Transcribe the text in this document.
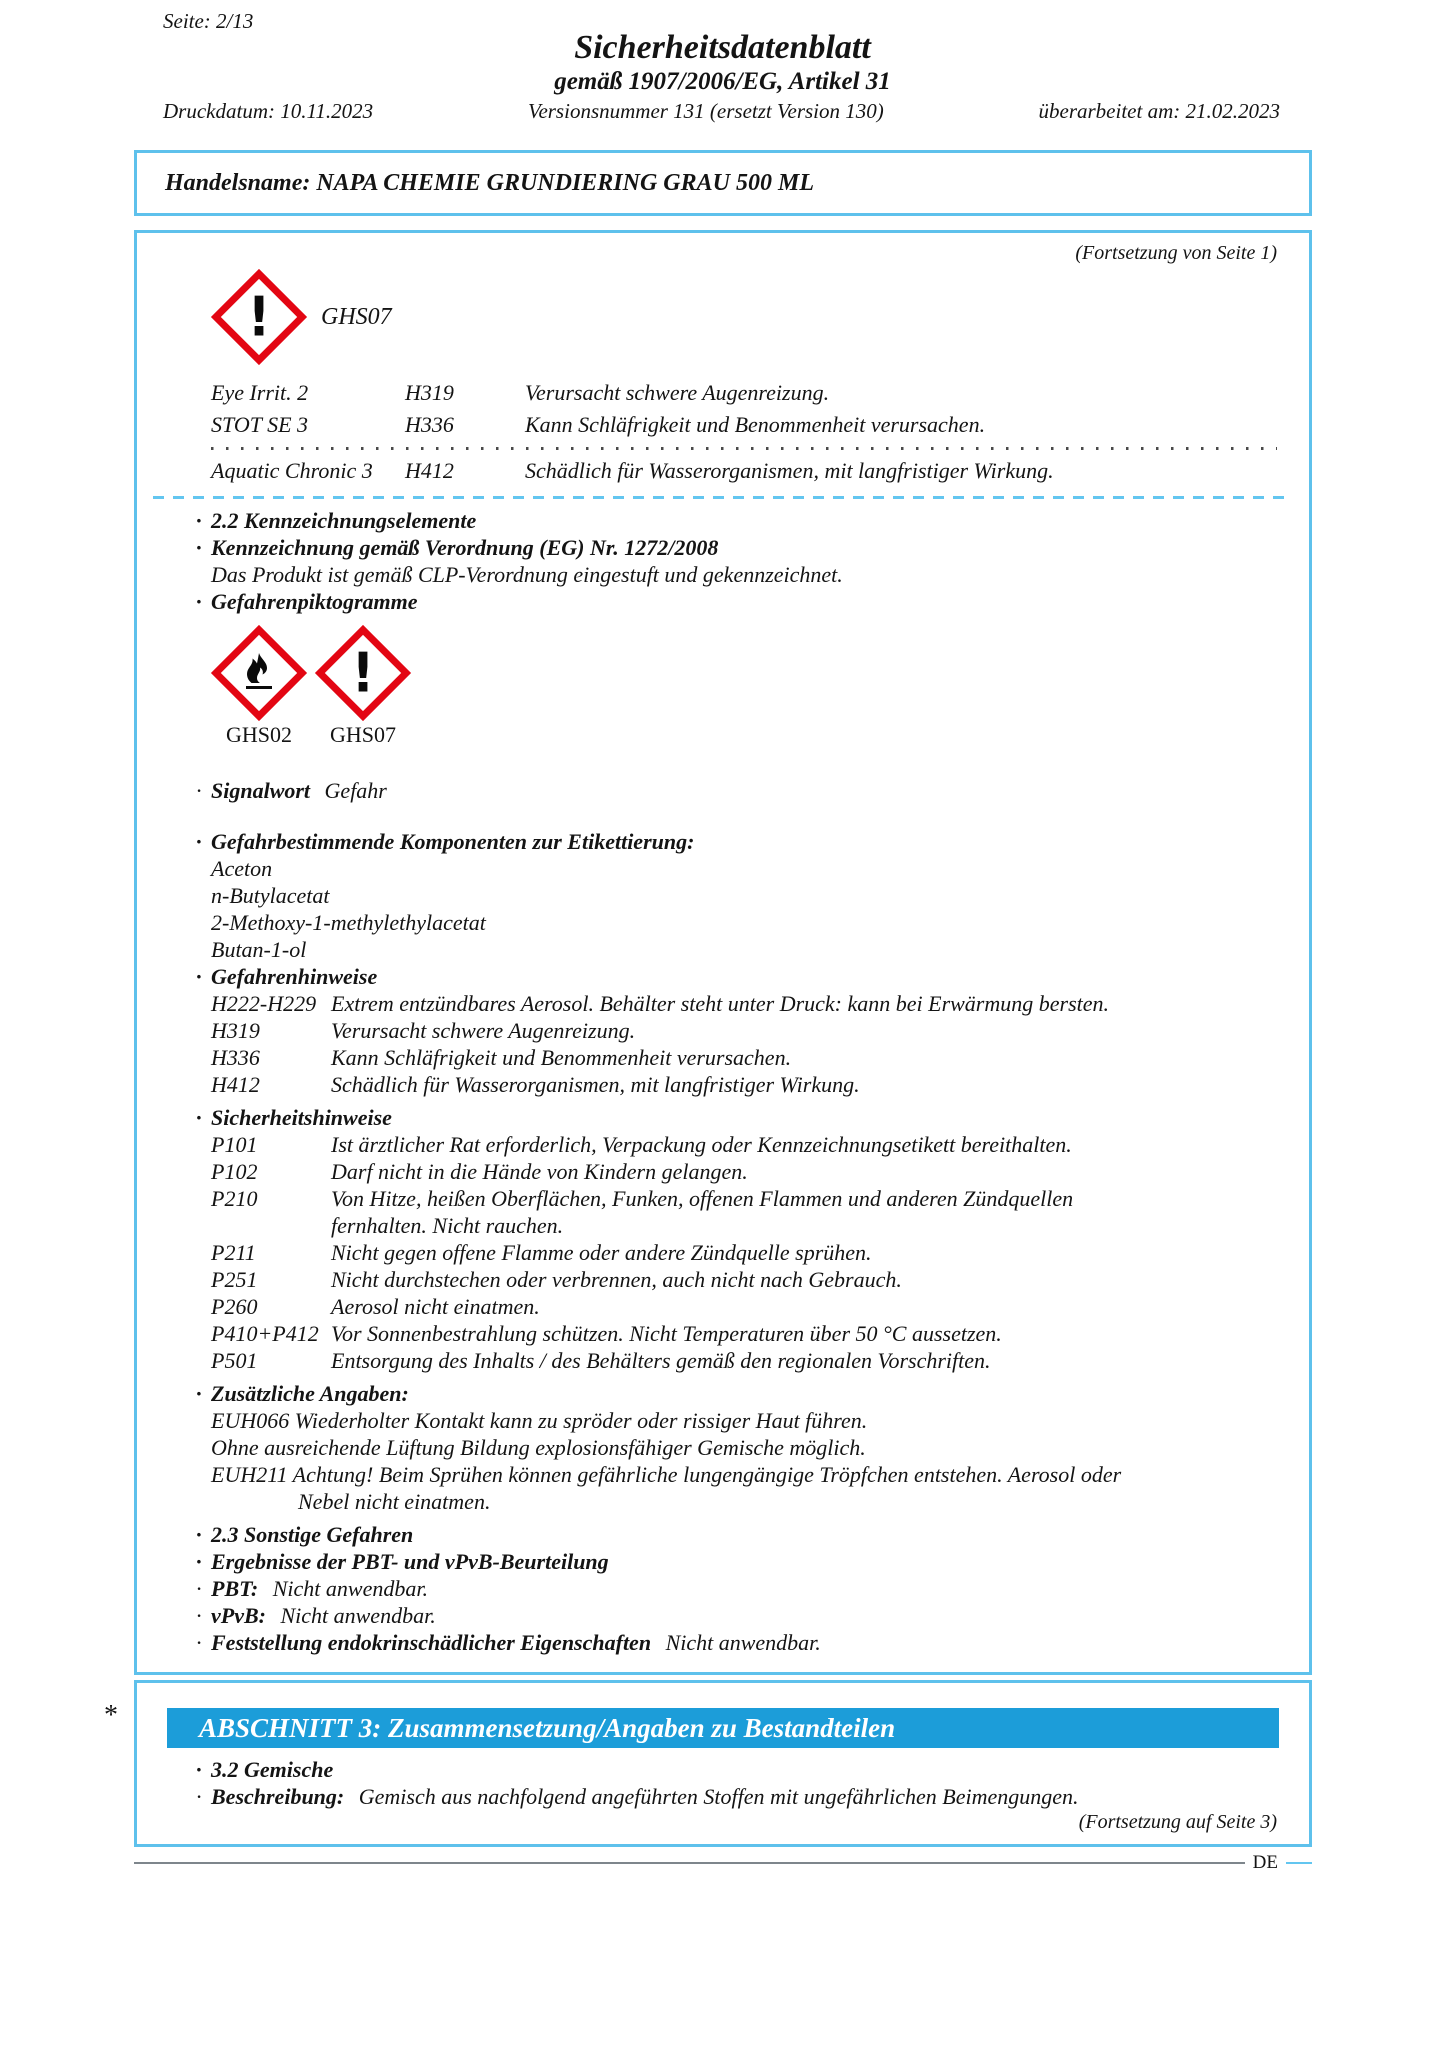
Seite: 2/13
Sicherheitsdatenblatt
gemäß 1907/2006/EG, Artikel 31
Druckdatum: 10.11.2023	Versionsnummer 131 (ersetzt Version 130)	überarbeitet am: 21.02.2023
Handelsname: NAPA CHEMIE GRUNDIERING GRAU 500 ML
(Fortsetzung von Seite 1)
! GHS07
Eye Irrit. 2	H319	Verursacht schwere Augenreizung.
STOT SE 3	H336	Kann Schläfrigkeit und Benommenheit verursachen.
Aquatic Chronic 3	H412	Schädlich für Wasserorganismen, mit langfristiger Wirkung.
· 2.2 Kennzeichnungselemente
· Kennzeichnung gemäß Verordnung (EG) Nr. 1272/2008
Das Produkt ist gemäß CLP-Verordnung eingestuft und gekennzeichnet.
· Gefahrenpiktogramme
GHS02
!
GHS07
· Signalwort Gefahr
· Gefahrbestimmende Komponenten zur Etikettierung:
Aceton
n-Butylacetat
2-Methoxy-1-methylethylacetat
Butan-1-ol
· Gefahrenhinweise
H222-H229 Extrem entzündbares Aerosol. Behälter steht unter Druck: kann bei Erwärmung bersten.
H319	Verursacht schwere Augenreizung.
H336	Kann Schläfrigkeit und Benommenheit verursachen.
H412	Schädlich für Wasserorganismen, mit langfristiger Wirkung.
· Sicherheitshinweise
P101	Ist ärztlicher Rat erforderlich, Verpackung oder Kennzeichnungsetikett bereithalten.
P102	Darf nicht in die Hände von Kindern gelangen.
P210	Von Hitze, heißen Oberflächen, Funken, offenen Flammen und anderen Zündquellen
fernhalten. Nicht rauchen.
P211	Nicht gegen offene Flamme oder andere Zündquelle sprühen.
P251	Nicht durchstechen oder verbrennen, auch nicht nach Gebrauch.
P260	Aerosol nicht einatmen.
P410+P412 Vor Sonnenbestrahlung schützen. Nicht Temperaturen über 50 °C aussetzen.
P501	Entsorgung des Inhalts / des Behälters gemäß den regionalen Vorschriften.
· Zusätzliche Angaben:
EUH066 Wiederholter Kontakt kann zu spröder oder rissiger Haut führen.
Ohne ausreichende Lüftung Bildung explosionsfähiger Gemische möglich.
EUH211 Achtung! Beim Sprühen können gefährliche lungengängige Tröpfchen entstehen. Aerosol oder
Nebel nicht einatmen.
· 2.3 Sonstige Gefahren
· Ergebnisse der PBT- und vPvB-Beurteilung
· PBT: Nicht anwendbar.
· vPvB: Nicht anwendbar.
· Feststellung endokrinschädlicher Eigenschaften Nicht anwendbar.
*	ABSCHNITT 3: Zusammensetzung/Angaben zu Bestandteilen
· 3.2 Gemische
· Beschreibung: Gemisch aus nachfolgend angeführten Stoffen mit ungefährlichen Beimengungen.
(Fortsetzung auf Seite 3)
DE
